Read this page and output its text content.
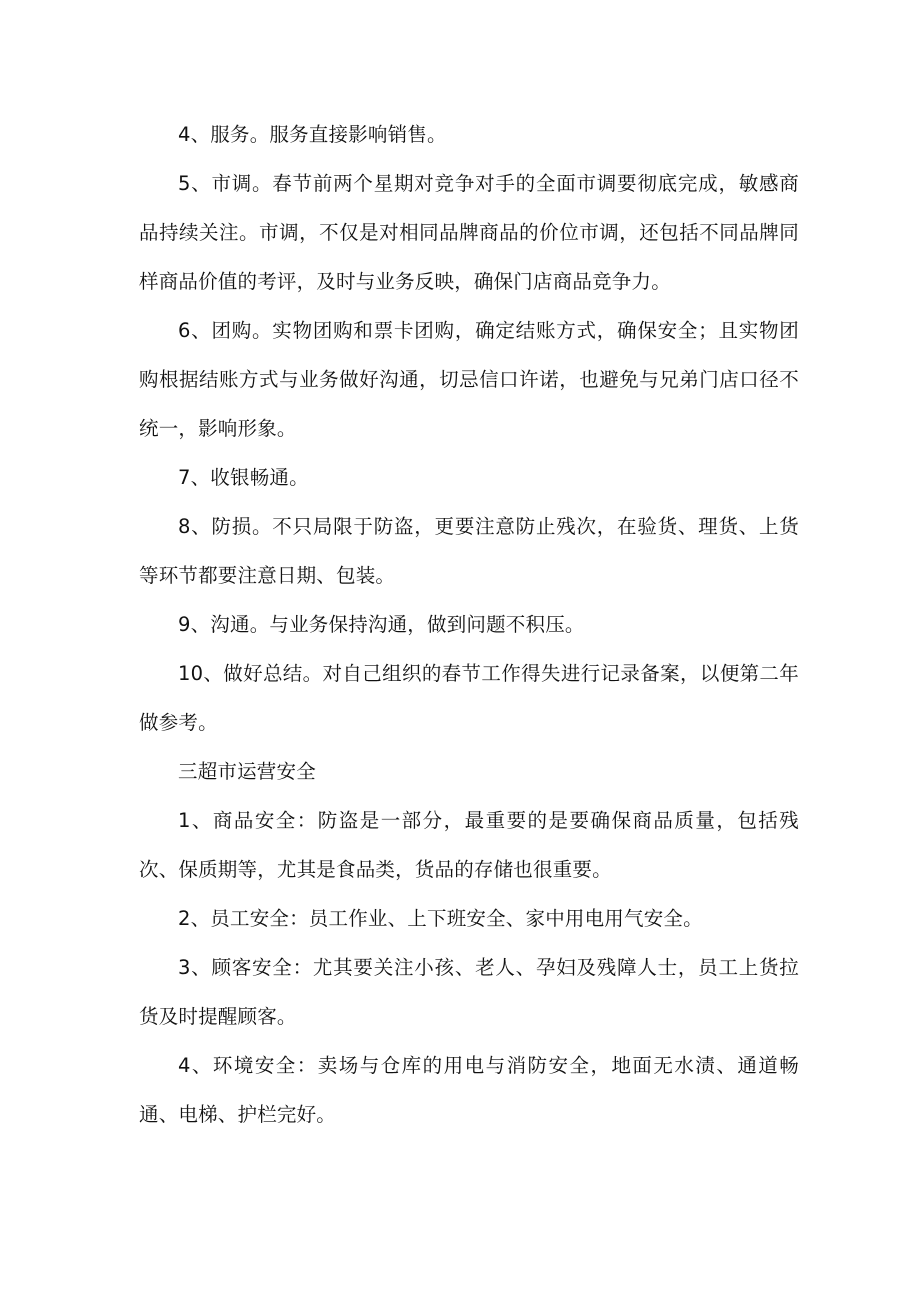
4、服务。服务直接影响销售。

5、市调。春节前两个星期对竞争对手的全面市调要彻底完成，敏感商品持续关注。市调，不仅是对相同品牌商品的价位市调，还包括不同品牌同样商品价值的考评，及时与业务反映，确保门店商品竞争力。

6、团购。实物团购和票卡团购，确定结账方式，确保安全；且实物团购根据结账方式与业务做好沟通，切忌信口许诺，也避免与兄弟门店口径不统一，影响形象。

7、收银畅通。

8、防损。不只局限于防盗，更要注意防止残次，在验货、理货、上货等环节都要注意日期、包装。

9、沟通。与业务保持沟通，做到问题不积压。

10、做好总结。对自己组织的春节工作得失进行记录备案，以便第二年做参考。

三超市运营安全

1、商品安全：防盗是一部分，最重要的是要确保商品质量，包括残次、保质期等，尤其是食品类，货品的存储也很重要。

2、员工安全：员工作业、上下班安全、家中用电用气安全。

3、顾客安全：尤其要关注小孩、老人、孕妇及残障人士，员工上货拉货及时提醒顾客。

4、环境安全：卖场与仓库的用电与消防安全，地面无水渍、通道畅通、电梯、护栏完好。
